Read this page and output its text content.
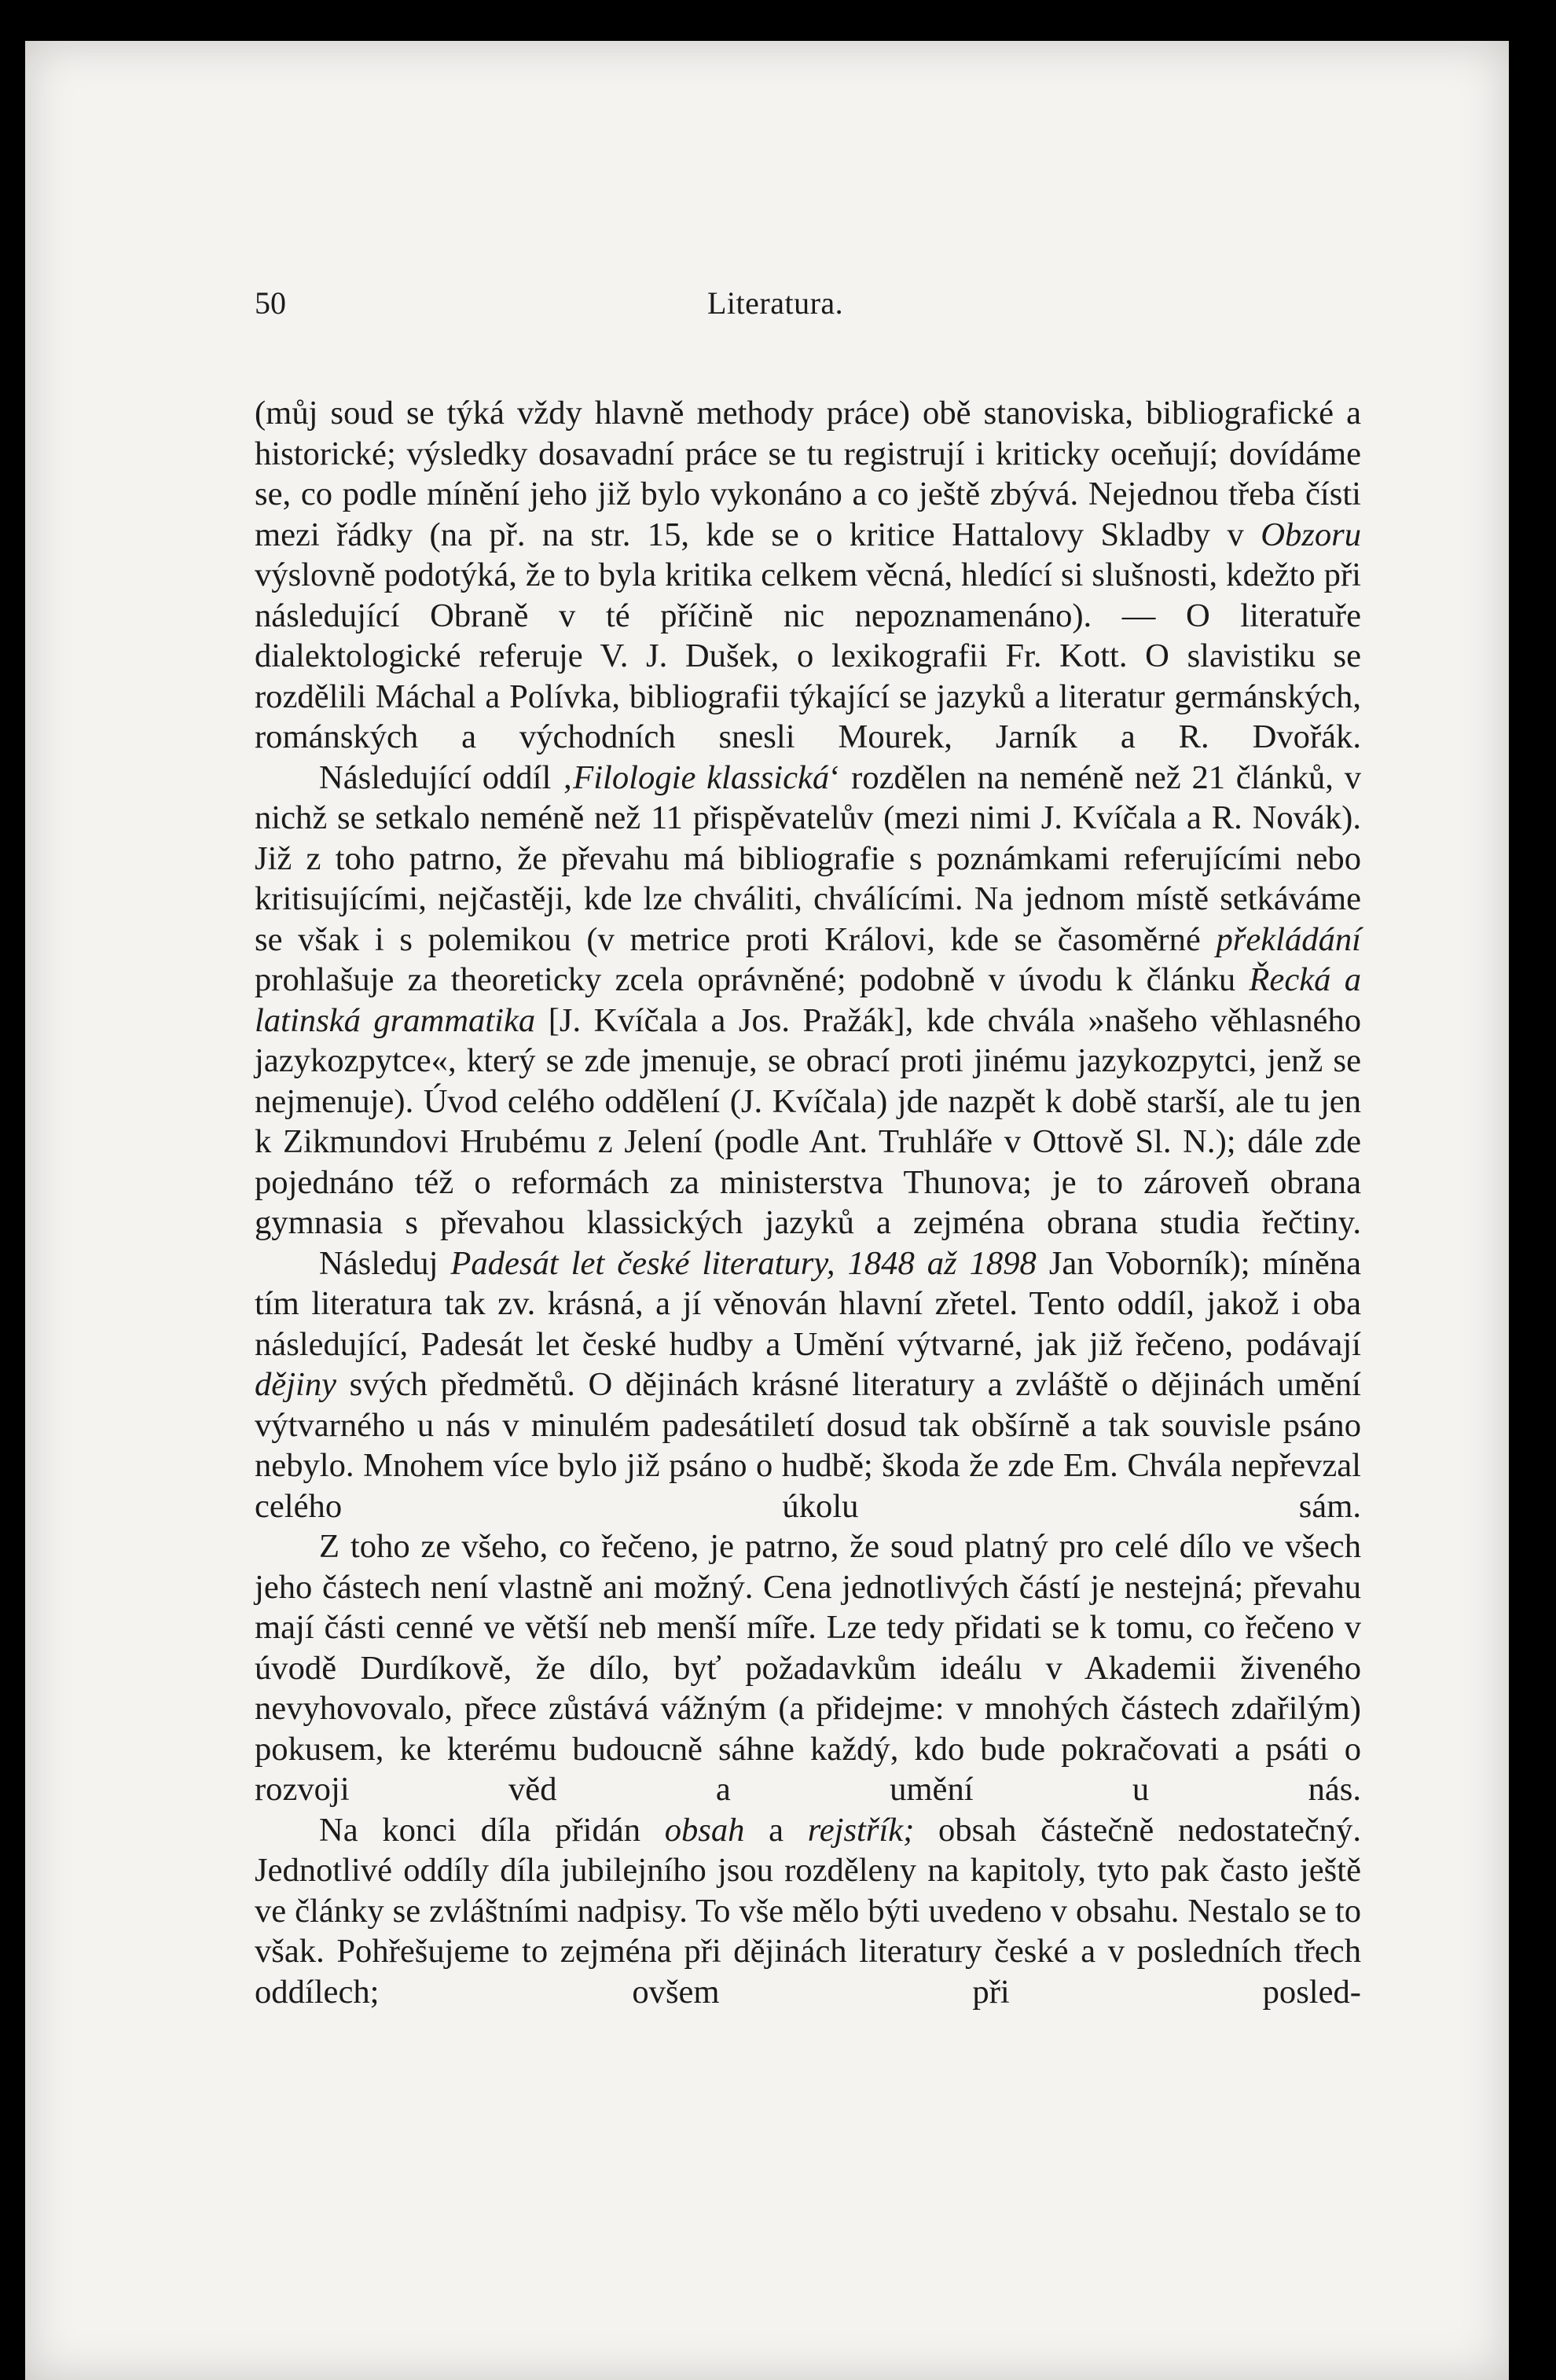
50	Literatura.

(můj soud se týká vždy hlavně methody práce) obě stanoviska, bibliografické a historické; výsledky dosavadní práce se tu registrují i kriticky oceňují; dovídáme se, co podle mínění jeho již bylo vykonáno a co ještě zbývá. Nejednou třeba čísti mezi řádky (na př. na str. 15, kde se o kritice Hattalovy Skladby v Obzoru výslovně podotýká, že to byla kritika celkem věcná, hledící si slušnosti, kdežto při následující Obraně v té příčině nic nepoznamenáno). — O literatuře dialektologické referuje V. J. Dušek, o lexikografii Fr. Kott. O slavistiku se rozdělili Máchal a Polívka, bibliografii týkající se jazyků a literatur germánských, románských a východních snesli Mourek, Jarník a R. Dvořák.

Následující oddíl ‚Filologie klassická‘ rozdělen na neméně než 21 článků, v nichž se setkalo neméně než 11 přispěvatelův (mezi nimi J. Kvíčala a R. Novák). Již z toho patrno, že převahu má bibliografie s poznámkami referujícími nebo kritisujícími, nejčastěji, kde lze chváliti, chválícími. Na jednom místě setkáváme se však i s polemikou (v metrice proti Královi, kde se časoměrné překládání prohlašuje za theoreticky zcela oprávněné; podobně v úvodu k článku Řecká a latinská grammatika [J. Kvíčala a Jos. Pražák], kde chvála »našeho věhlasného jazykozpytce«, který se zde jmenuje, se obrací proti jinému jazykozpytci, jenž se nejmenuje). Úvod celého oddělení (J. Kvíčala) jde nazpět k době starší, ale tu jen k Zikmundovi Hrubému z Jelení (podle Ant. Truhláře v Ottově Sl. N.); dále zde pojednáno též o reformách za ministerstva Thunova; je to zároveň obrana gymnasia s převahou klassických jazyků a zejména obrana studia řečtiny.

Následuj Padesát let české literatury, 1848 až 1898 Jan Voborník); míněna tím literatura tak zv. krásná, a jí věnován hlavní zřetel. Tento oddíl, jakož i oba následující, Padesát let české hudby a Umění výtvarné, jak již řečeno, podávají dějiny svých předmětů. O dějinách krásné literatury a zvláště o dějinách umění výtvarného u nás v minulém padesátiletí dosud tak obšírně a tak souvisle psáno nebylo. Mnohem více bylo již psáno o hudbě; škoda že zde Em. Chvála nepřevzal celého úkolu sám.

Z toho ze všeho, co řečeno, je patrno, že soud platný pro celé dílo ve všech jeho částech není vlastně ani možný. Cena jednotlivých částí je nestejná; převahu mají části cenné ve větší neb menší míře. Lze tedy přidati se k tomu, co řečeno v úvodě Durdíkově, že dílo, byť požadavkům ideálu v Akademii živeného nevyhovovalo, přece zůstává vážným (a přidejme: v mnohých částech zdařilým) pokusem, ke kterému budoucně sáhne každý, kdo bude pokračovati a psáti o rozvoji věd a umění u nás.

Na konci díla přidán obsah a rejstřík; obsah částečně nedostatečný. Jednotlivé oddíly díla jubilejního jsou rozděleny na kapitoly, tyto pak často ještě ve články se zvláštními nadpisy. To vše mělo býti uvedeno v obsahu. Nestalo se to však. Pohřešujeme to zejména při dějinách literatury české a v posledních třech oddílech; ovšem při posled-
